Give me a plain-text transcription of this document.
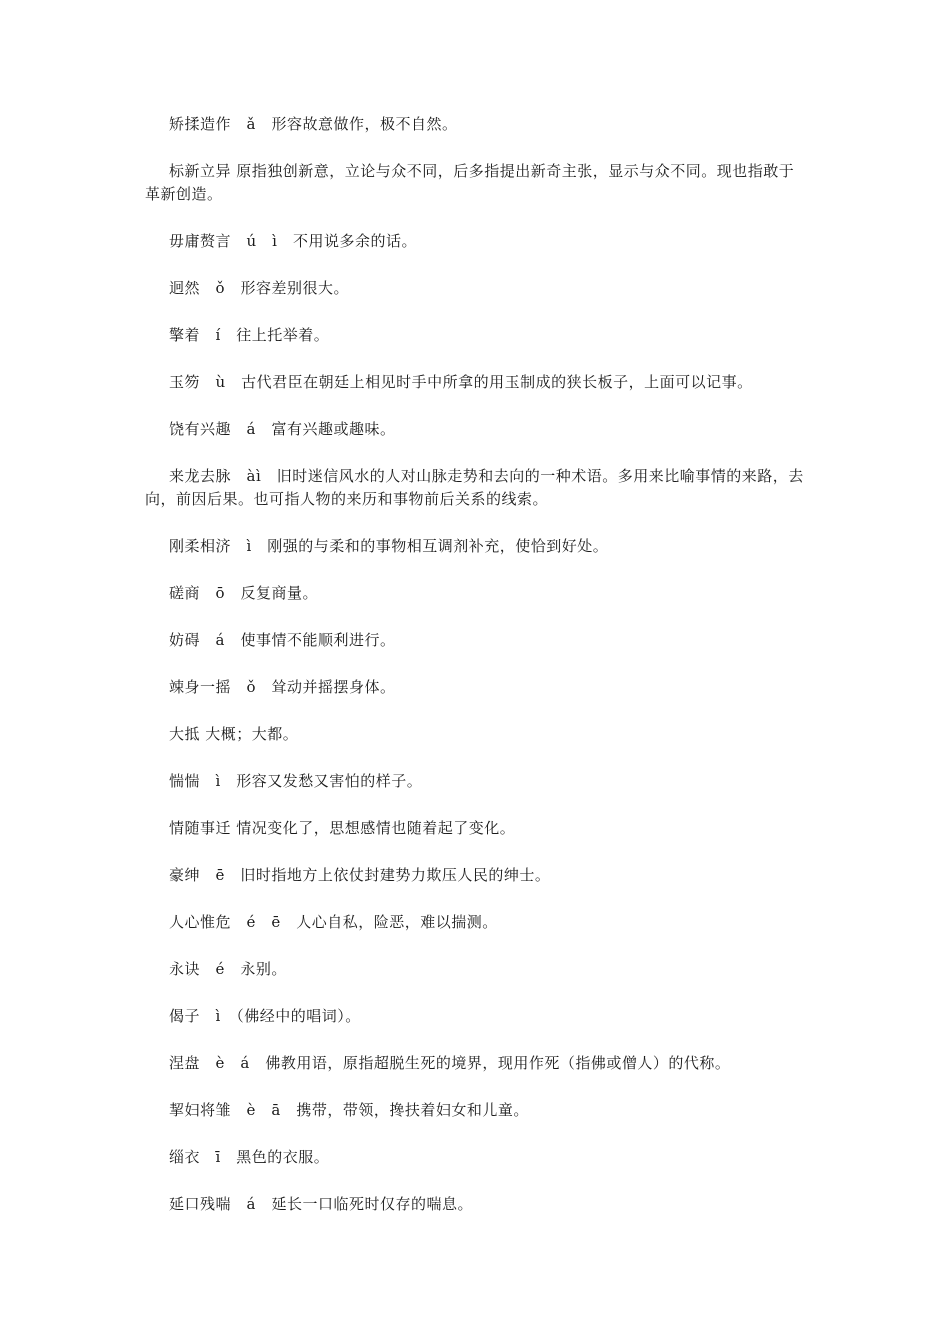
矫揉造作　ǎ　形容故意做作，极不自然。

标新立异 原指独创新意，立论与众不同，后多指提出新奇主张，显示与众不同。现也指敢于革新创造。

毋庸赘言　ú　ì　不用说多余的话。

迥然　ǒ　形容差别很大。

擎着　í　往上托举着。

玉笏　ù　古代君臣在朝廷上相见时手中所拿的用玉制成的狭长板子，上面可以记事。

饶有兴趣　á　富有兴趣或趣味。

来龙去脉　àì　旧时迷信风水的人对山脉走势和去向的一种术语。多用来比喻事情的来路，去向，前因后果。也可指人物的来历和事物前后关系的线索。

刚柔相济　ì　刚强的与柔和的事物相互调剂补充，使恰到好处。

磋商　ō　反复商量。

妨碍　á　使事情不能顺利进行。

竦身一摇　ǒ　耸动并摇摆身体。

大抵 大概；大都。

惴惴　ì　形容又发愁又害怕的样子。

情随事迁 情况变化了，思想感情也随着起了变化。

豪绅　ē　旧时指地方上依仗封建势力欺压人民的绅士。

人心惟危　é　ē　人心自私，险恶，难以揣测。

永诀　é　永别。

偈子　ì　（佛经中的唱词）。

涅盘　è　á　佛教用语，原指超脱生死的境界，现用作死（指佛或僧人）的代称。

挈妇将雏　è　ā　携带，带领，搀扶着妇女和儿童。

缁衣　ī　黑色的衣服。

延口残喘　á　延长一口临死时仅存的喘息。
